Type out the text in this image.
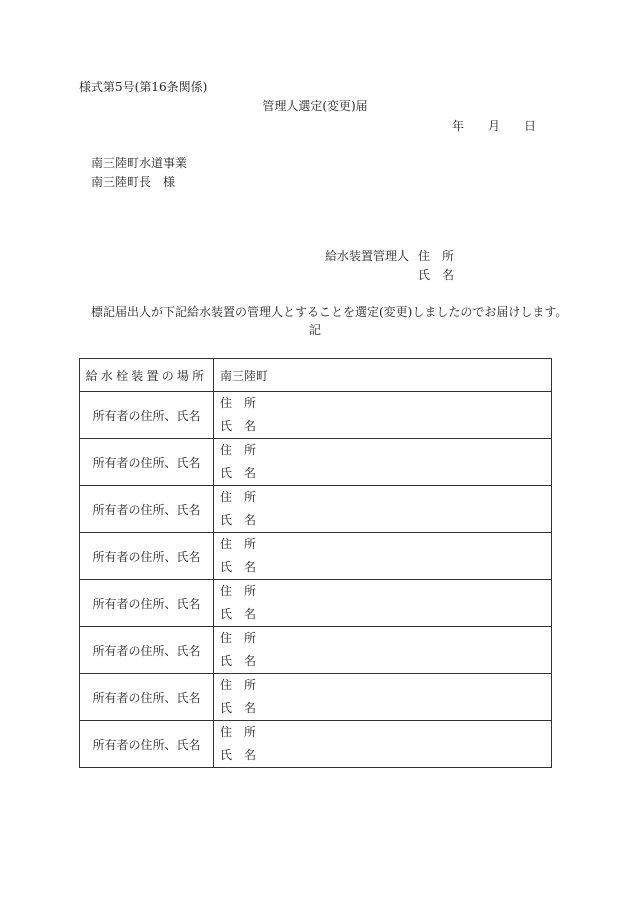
様式第5号(第16条関係)
管理人選定(変更)届
年 月 日
南三陸町水道事業
南三陸町長　様
給水装置管理人 住 所
氏 名
標記届出人が下記給水装置の管理人とすることを選定(変更)しましたのでお届けします。
記
給水栓装置の場所	南三陸町
所有者の住所、氏名	住 所
氏 名

所有者の住所、氏名	住 所
氏 名

所有者の住所、氏名	住 所
氏 名

所有者の住所、氏名	住 所
氏 名

所有者の住所、氏名	住 所
氏 名

所有者の住所、氏名	住 所
氏 名

所有者の住所、氏名	住 所
氏 名

所有者の住所、氏名	住 所
氏 名
